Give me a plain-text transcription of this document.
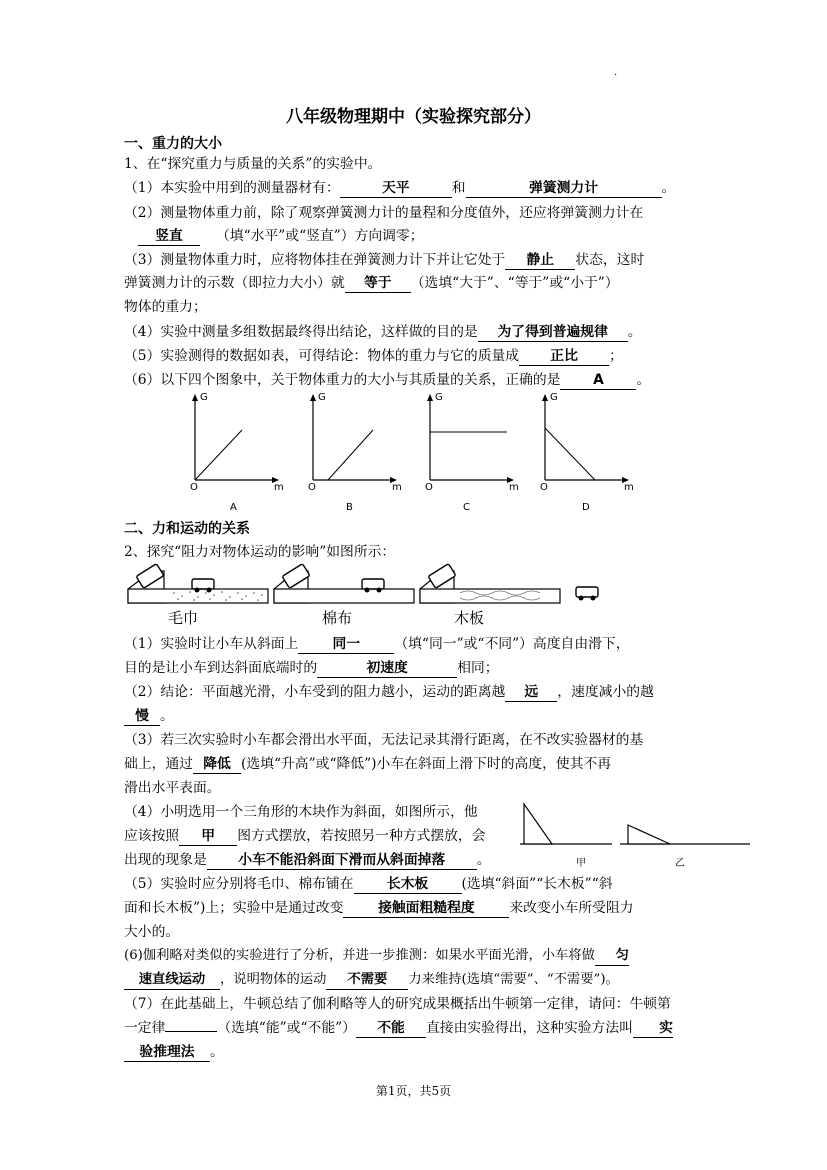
·
八年级物理期中（实验探究部分）
一、重力的大小
1、在“探究重力与质量的关系”的实验中。
（1）本实验中用到的测量器材有：	天平	和	弹簧测力计	。
（2）测量物体重力前，除了观察弹簧测力计的量程和分度值外，还应将弹簧测力计在
竖直 （填“水平”或“竖直”）方向调零；
（3）测量物体重力时，应将物体挂在弹簧测力计下并让它处于 静止 状态，这时
弹簧测力计的示数（即拉力大小）就 等于 （选填“大于”、“等于”或“小于”）
物体的重力；
（4）实验中测量多组数据最终得出结论，这样做的目的是 为了得到普遍规律 。
（5）实验测得的数据如表，可得结论：物体的重力与它的质量成 正比 ；
（6）以下四个图象中，关于物体重力的大小与其质量的关系，正确的是 A 。
G
O	m
A
G
O	m
B
G
O	m
C
G
O	m
D
二、力和运动的关系
2、探究“阻力对物体运动的影响”如图所示：
毛巾	棉布	木板
（1）实验时让小车从斜面上 同一 （填“同一”或“不同”）高度自由滑下，
目的是让小车到达斜面底端时的	初速度	相同；
（2）结论：平面越光滑，小车受到的阻力越小，运动的距离越 远 ，速度减小的越
慢 。
（3）若三次实验时小车都会滑出水平面，无法记录其滑行距离，在不改实验器材的基
础上，通过 降低 (选填“升高”或“降低”)小车在斜面上滑下时的高度，使其不再
滑出水平表面。
（4）小明选用一个三角形的木块作为斜面，如图所示，他
应该按照 甲 图方式摆放，若按照另一种方式摆放，会
出现的现象是 小车不能沿斜面下滑而从斜面掉落 。	甲	乙
（5）实验时应分别将毛巾、棉布铺在 长木板 (选填“斜面”“长木板”“斜
面和长木板”)上；实验中是通过改变	接触面粗糙程度	来改变小车所受阻力
大小的。
(6)伽利略对类似的实验进行了分析，并进一步推测：如果水平面光滑，小车将做 匀
速直线运动 ，说明物体的运动 不需要 力来维持(选填“需要”、“不需要”)。
（7）在此基础上，牛顿总结了伽利略等人的研究成果概括出牛顿第一定律，请问：牛顿第
一定律	（选填“能”或“不能”） 不能 直接由实验得出，这种实验方法叫 实
验推理法 。
第1页，共5页
